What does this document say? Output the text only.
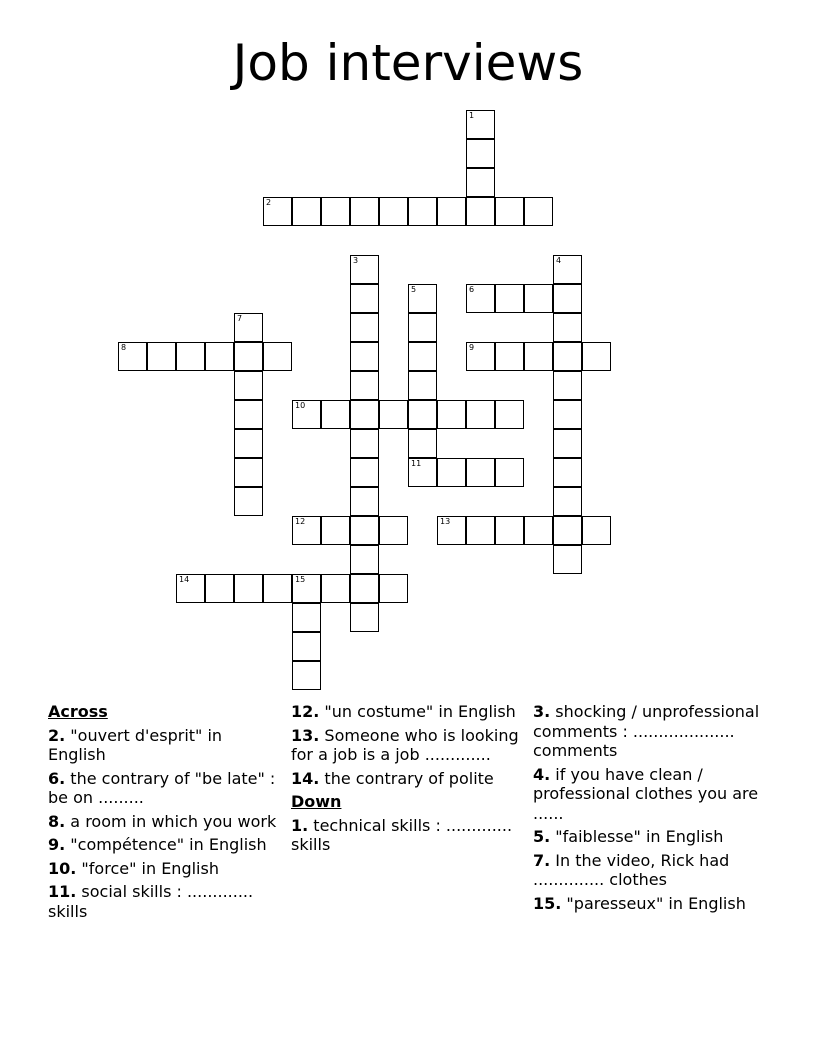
Job interviews
1
2
3	4
5
11
6
7
8	9
10
12	13
14	15
Across
2. "ouvert d'esprit" in English
6. the contrary of "be late" : be on .........
8. a room in which you work
9. "compétence" in English
10. "force" in English
11. social skills : ............. skills
12. "un costume" in English
13. Someone who is looking for a job is a job .............
14. the contrary of polite
Down
1. technical skills : ............. skills
3. shocking / unprofessional comments : .................... comments
4. if you have clean / professional clothes you are ......
5. "faiblesse" in English
7. In the video, Rick had .............. clothes
15. "paresseux" in English
